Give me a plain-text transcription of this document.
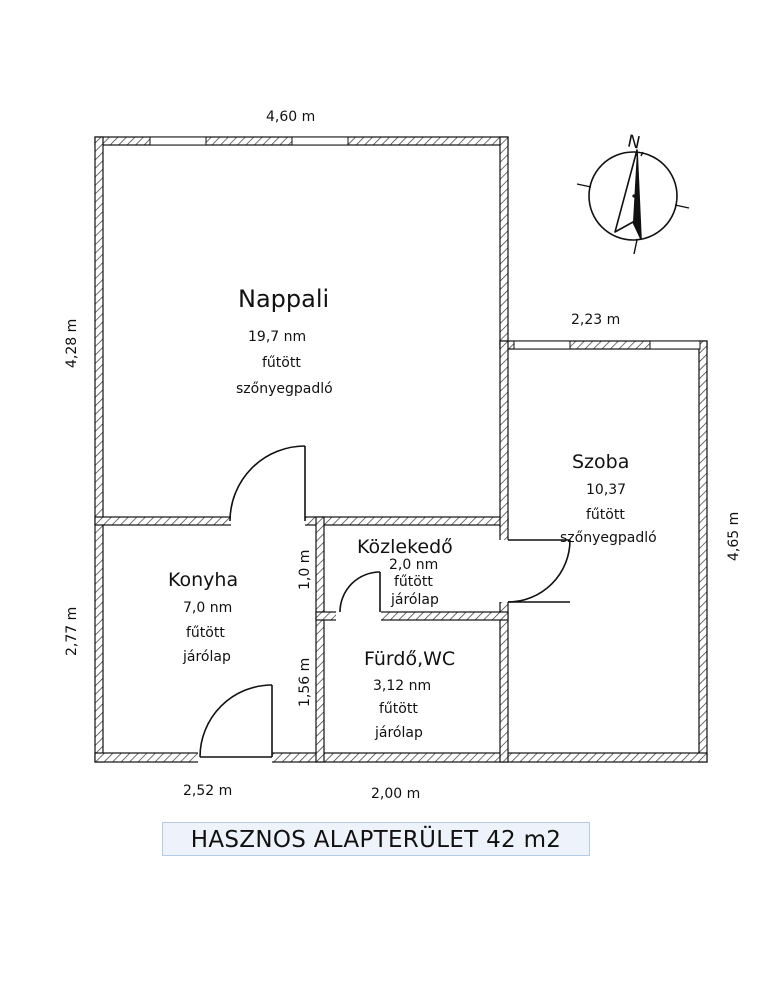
Nappali
19,7 nm
fűtött
szőnyegpadló
Szoba
10,37
fűtött
szőnyegpadló
Konyha
7,0 nm
fűtött
járólap
Közlekedő
2,0 nm
fűtött
járólap
Fürdő,WC
3,12 nm
fűtött
járólap
4,60 m
2,23 m
4,28 m
2,77 m
4,65 m
1,0 m
1,56 m
2,52 m	2,00 m
N
HASZNOS ALAPTERÜLET 42 m2
